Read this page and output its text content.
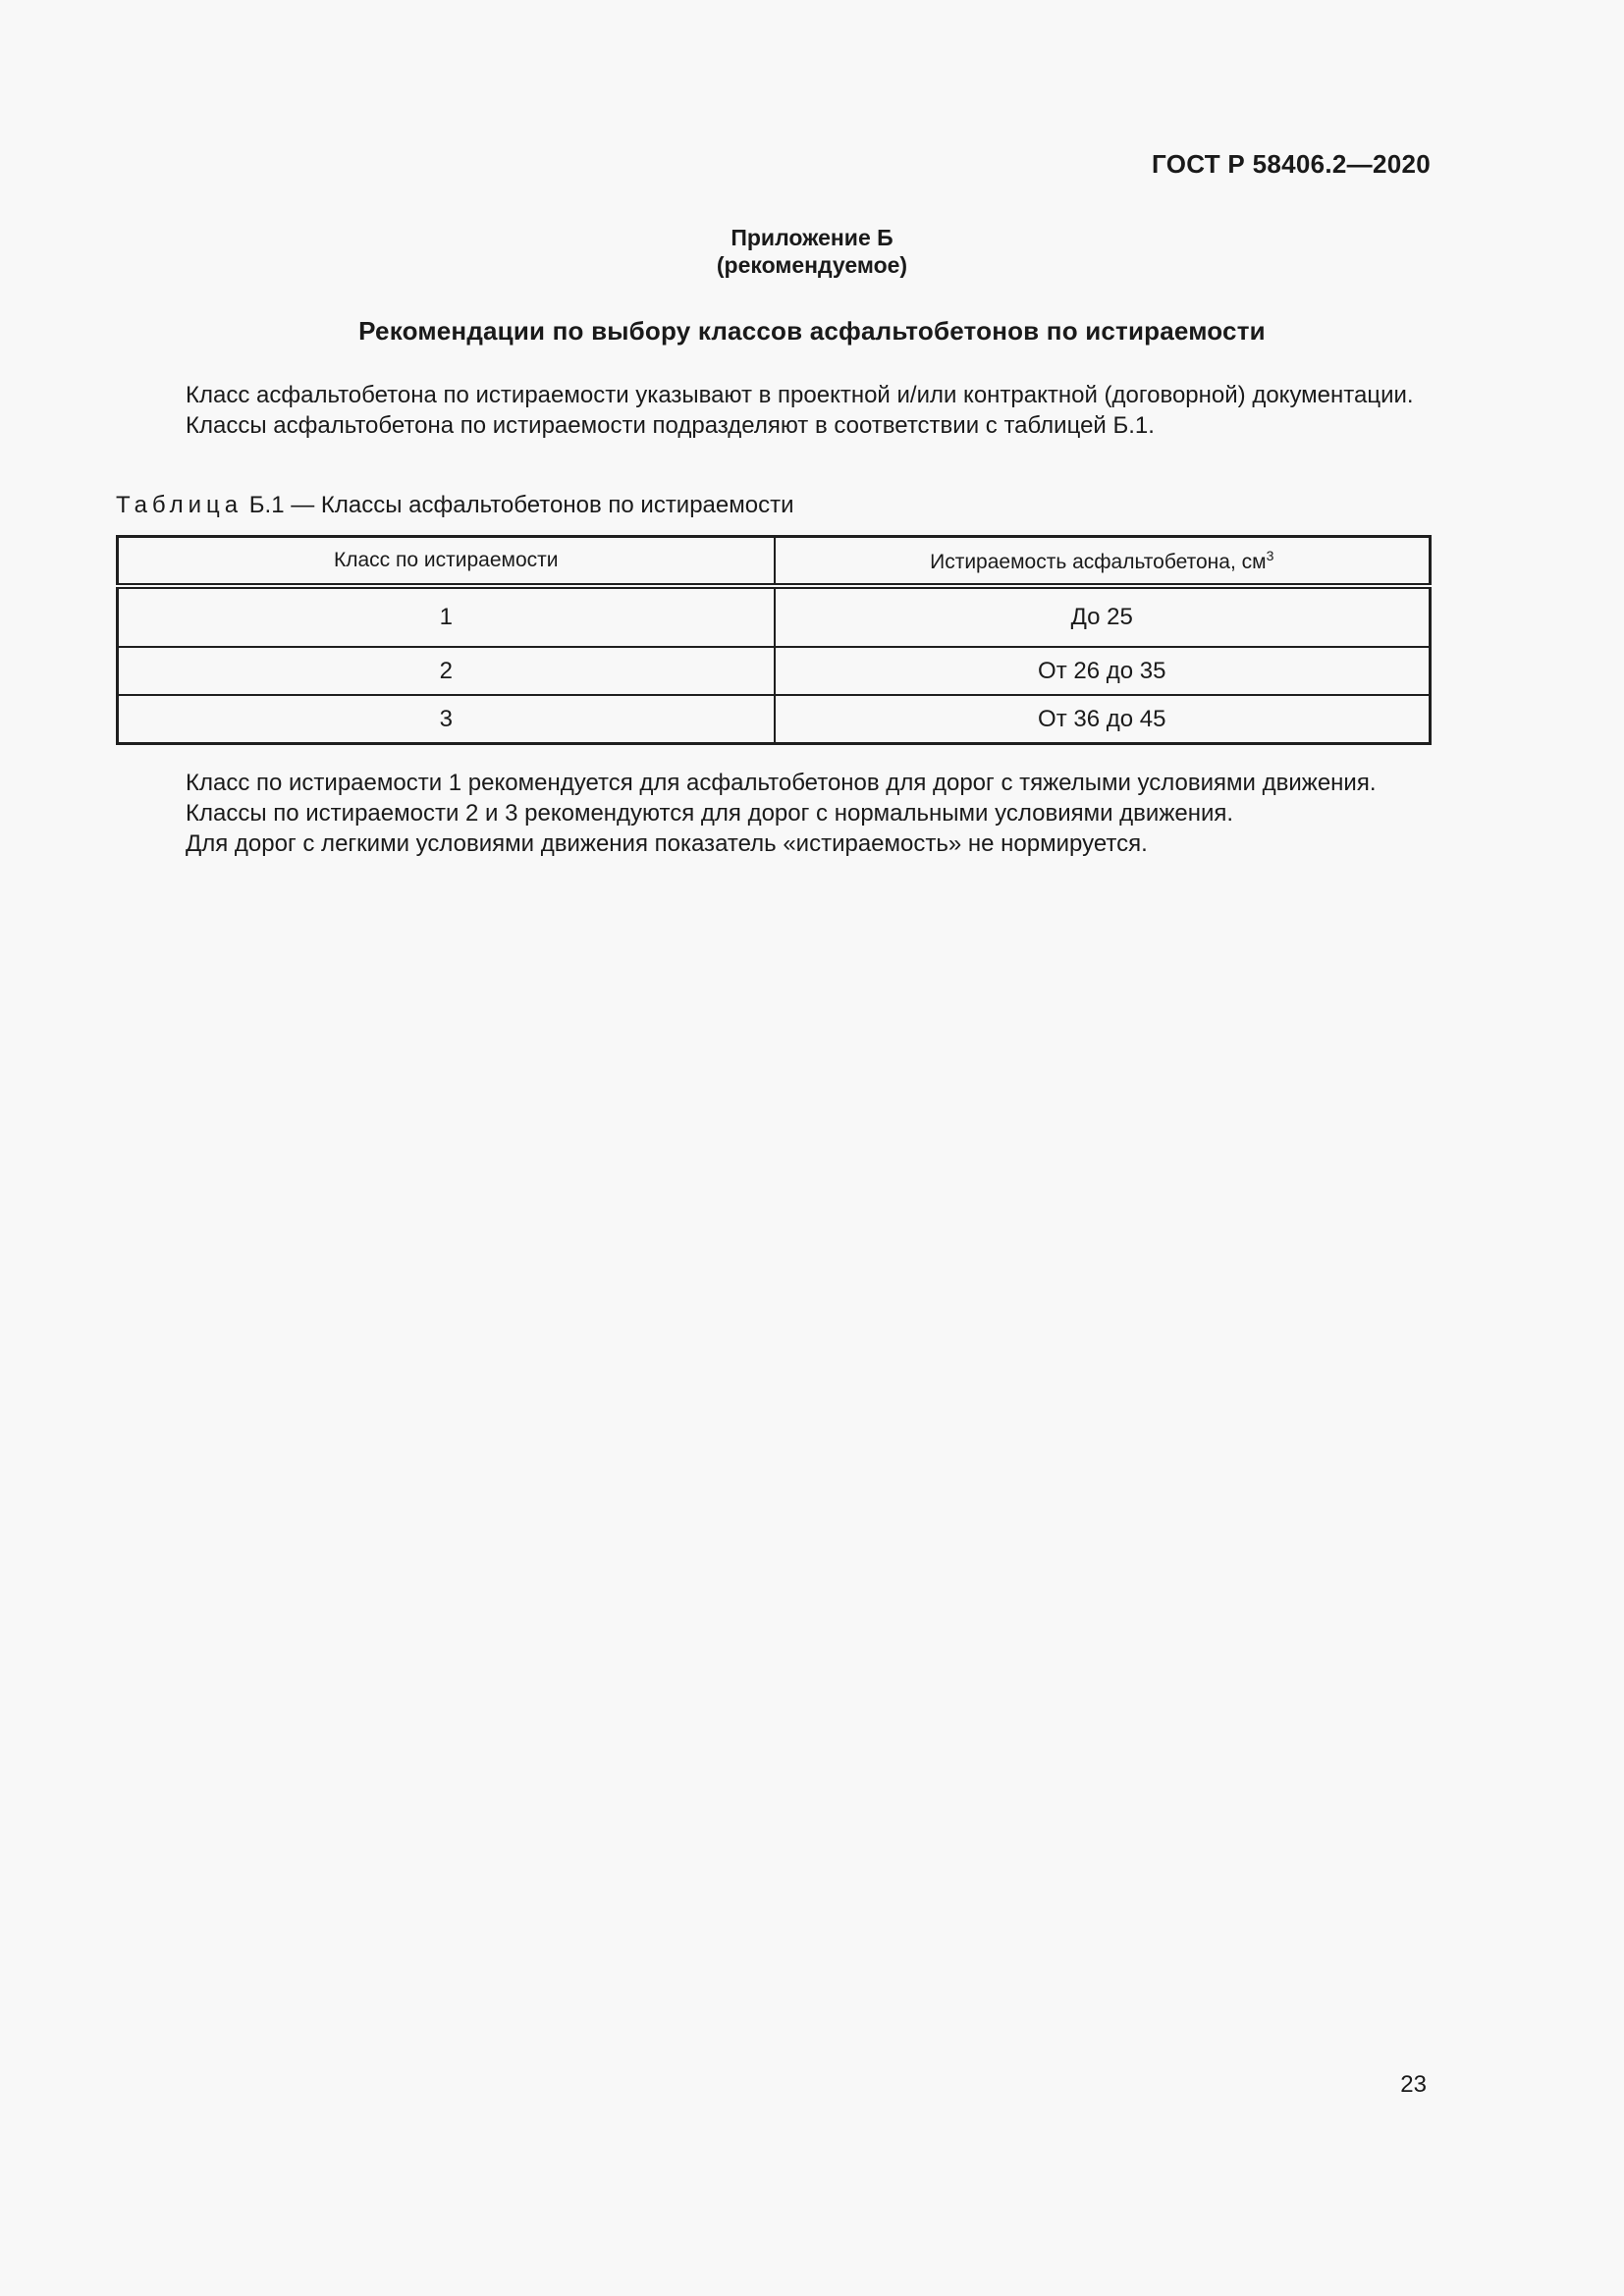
ГОСТ Р 58406.2—2020
Приложение Б
(рекомендуемое)
Рекомендации по выбору классов асфальтобетонов по истираемости

Класс асфальтобетона по истираемости указывают в проектной и/или контрактной (договорной) документации.

Классы асфальтобетона по истираемости подразделяют в соответствии с таблицей Б.1.

Таблица Б.1 — Классы асфальтобетонов по истираемости
Класс по истираемости	Истираемость асфальтобетона, $см^3$
1	До 25
2	От 26 до 35
3	От 36 до 45

Класс по истираемости 1 рекомендуется для асфальтобетонов для дорог с тяжелыми условиями движения.

Классы по истираемости 2 и 3 рекомендуются для дорог с нормальными условиями движения.

Для дорог с легкими условиями движения показатель «истираемость» не нормируется.

23
